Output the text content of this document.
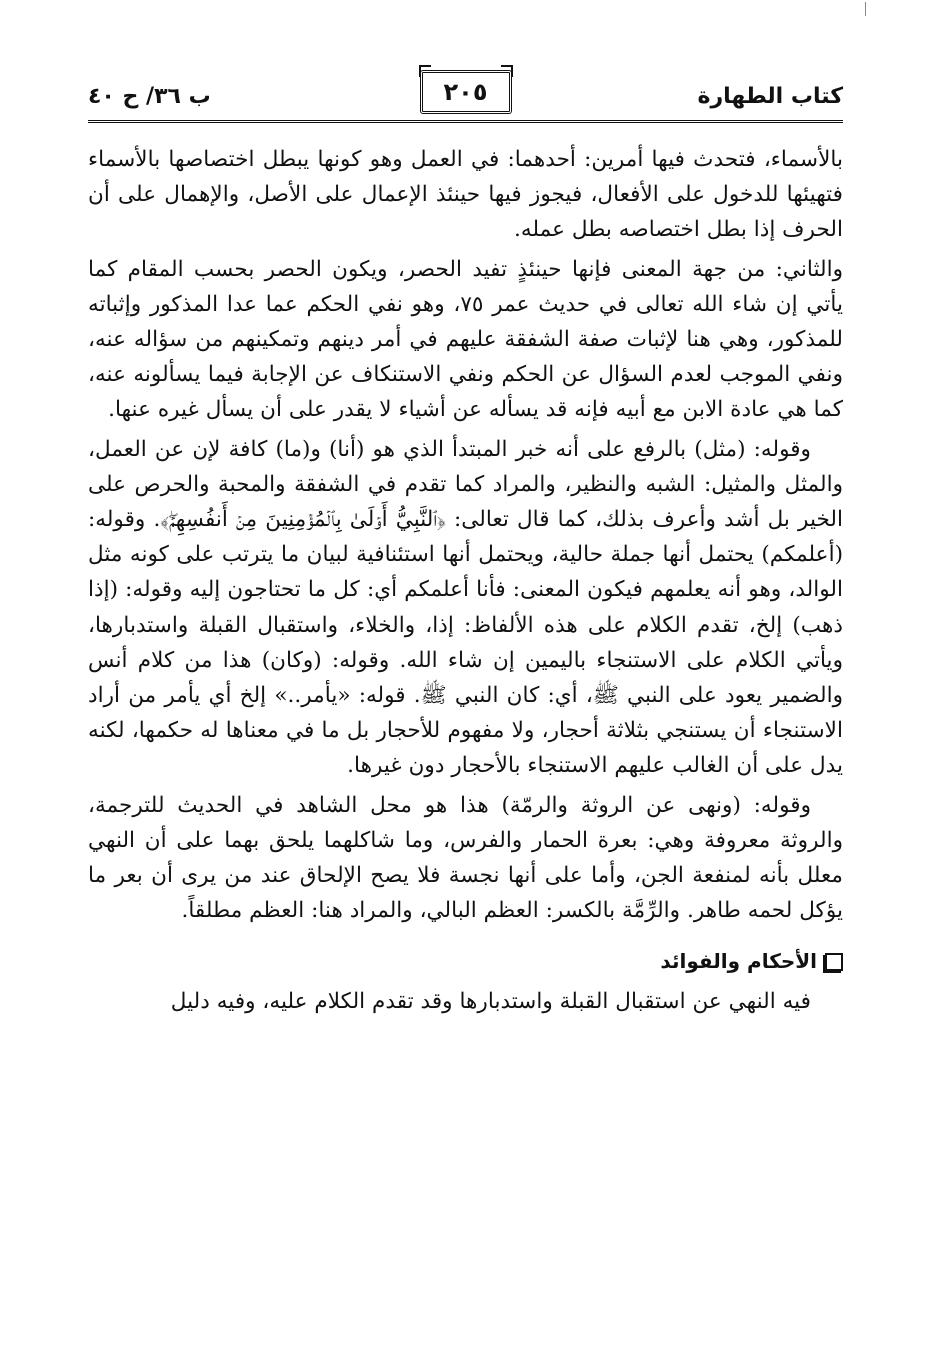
كتاب الطهارة
٢٠٥
ب ٣٦/ ح ٤٠

بالأسماء، فتحدث فيها أمرين: أحدهما: في العمل وهو كونها يبطل اختصاصها بالأسماء فتهيئها للدخول على الأفعال، فيجوز فيها حينئذ الإعمال على الأصل، والإهمال على أن الحرف إذا بطل اختصاصه بطل عمله.

والثاني: من جهة المعنى فإنها حينئذٍ تفيد الحصر، ويكون الحصر بحسب المقام كما يأتي إن شاء الله تعالى في حديث عمر ٧٥، وهو نفي الحكم عما عدا المذكور وإثباته للمذكور، وهي هنا لإثبات صفة الشفقة عليهم في أمر دينهم وتمكينهم من سؤاله عنه، ونفي الموجب لعدم السؤال عن الحكم ونفي الاستنكاف عن الإجابة فيما يسألونه عنه، كما هي عادة الابن مع أبيه فإنه قد يسأله عن أشياء لا يقدر على أن يسأل غيره عنها.

وقوله: (مثل) بالرفع على أنه خبر المبتدأ الذي هو (أنا) و(ما) كافة لإن عن العمل، والمثل والمثيل: الشبه والنظير، والمراد كما تقدم في الشفقة والمحبة والحرص على الخير بل أشد وأعرف بذلك، كما قال تعالى: ﴿ٱلنَّبِيُّ أَوۡلَىٰ بِٱلۡمُؤۡمِنِينَ مِنۡ أَنفُسِهِمۡۖ﴾. وقوله: (أعلمكم) يحتمل أنها جملة حالية، ويحتمل أنها استئنافية لبيان ما يترتب على كونه مثل الوالد، وهو أنه يعلمهم فيكون المعنى: فأنا أعلمكم أي: كل ما تحتاجون إليه وقوله: (إذا ذهب) إلخ، تقدم الكلام على هذه الألفاظ: إذا، والخلاء، واستقبال القبلة واستدبارها، ويأتي الكلام على الاستنجاء باليمين إن شاء الله. وقوله: (وكان) هذا من كلام أنس والضمير يعود على النبي ﷺ، أي: كان النبي ﷺ. قوله: «يأمر..» إلخ أي يأمر من أراد الاستنجاء أن يستنجي بثلاثة أحجار، ولا مفهوم للأحجار بل ما في معناها له حكمها، لكنه يدل على أن الغالب عليهم الاستنجاء بالأحجار دون غيرها.

وقوله: (ونهى عن الروثة والرمّة) هذا هو محل الشاهد في الحديث للترجمة، والروثة معروفة وهي: بعرة الحمار والفرس، وما شاكلهما يلحق بهما على أن النهي معلل بأنه لمنفعة الجن، وأما على أنها نجسة فلا يصح الإلحاق عند من يرى أن بعر ما يؤكل لحمه طاهر. والرِّمَّة بالكسر: العظم البالي، والمراد هنا: العظم مطلقاً.

الأحكام والفوائد

فيه النهي عن استقبال القبلة واستدبارها وقد تقدم الكلام عليه، وفيه دليل
